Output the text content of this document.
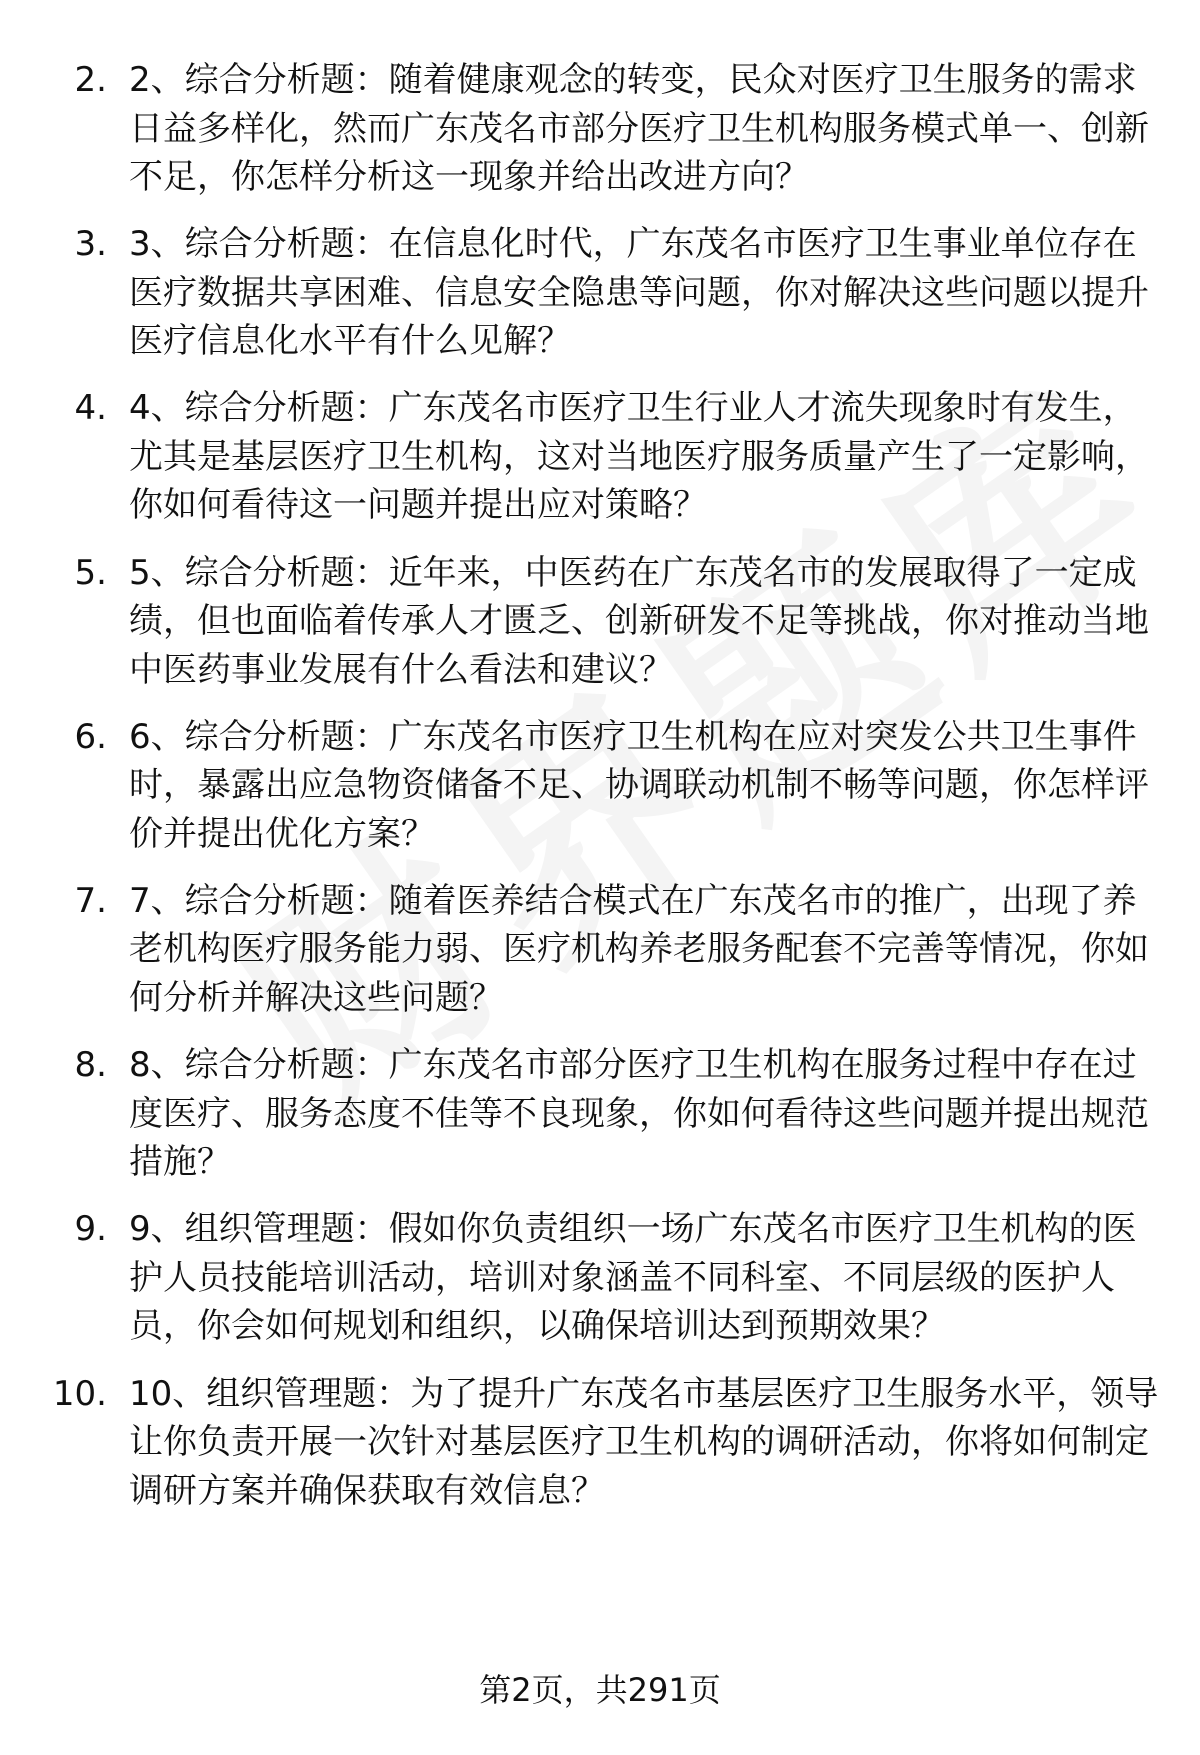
2. 2、综合分析题：随着健康观念的转变，民众对医疗卫生服务的需求日益多样化，然而广东茂名市部分医疗卫生机构服务模式单一、创新不足，你怎样分析这一现象并给出改进方向？
3. 3、综合分析题：在信息化时代，广东茂名市医疗卫生事业单位存在医疗数据共享困难、信息安全隐患等问题，你对解决这些问题以提升医疗信息化水平有什么见解？
4. 4、综合分析题：广东茂名市医疗卫生行业人才流失现象时有发生，尤其是基层医疗卫生机构，这对当地医疗服务质量产生了一定影响，你如何看待这一问题并提出应对策略？
5. 5、综合分析题：近年来，中医药在广东茂名市的发展取得了一定成绩，但也面临着传承人才匮乏、创新研发不足等挑战，你对推动当地中医药事业发展有什么看法和建议？
6. 6、综合分析题：广东茂名市医疗卫生机构在应对突发公共卫生事件时，暴露出应急物资储备不足、协调联动机制不畅等问题，你怎样评价并提出优化方案？
7. 7、综合分析题：随着医养结合模式在广东茂名市的推广，出现了养老机构医疗服务能力弱、医疗机构养老服务配套不完善等情况，你如何分析并解决这些问题？
8. 8、综合分析题：广东茂名市部分医疗卫生机构在服务过程中存在过度医疗、服务态度不佳等不良现象，你如何看待这些问题并提出规范措施？
9. 9、组织管理题：假如你负责组织一场广东茂名市医疗卫生机构的医护人员技能培训活动，培训对象涵盖不同科室、不同层级的医护人员，你会如何规划和组织，以确保培训达到预期效果？
10. 10、组织管理题：为了提升广东茂名市基层医疗卫生服务水平，领导让你负责开展一次针对基层医疗卫生机构的调研活动，你将如何制定调研方案并确保获取有效信息？
第2页，共291页
